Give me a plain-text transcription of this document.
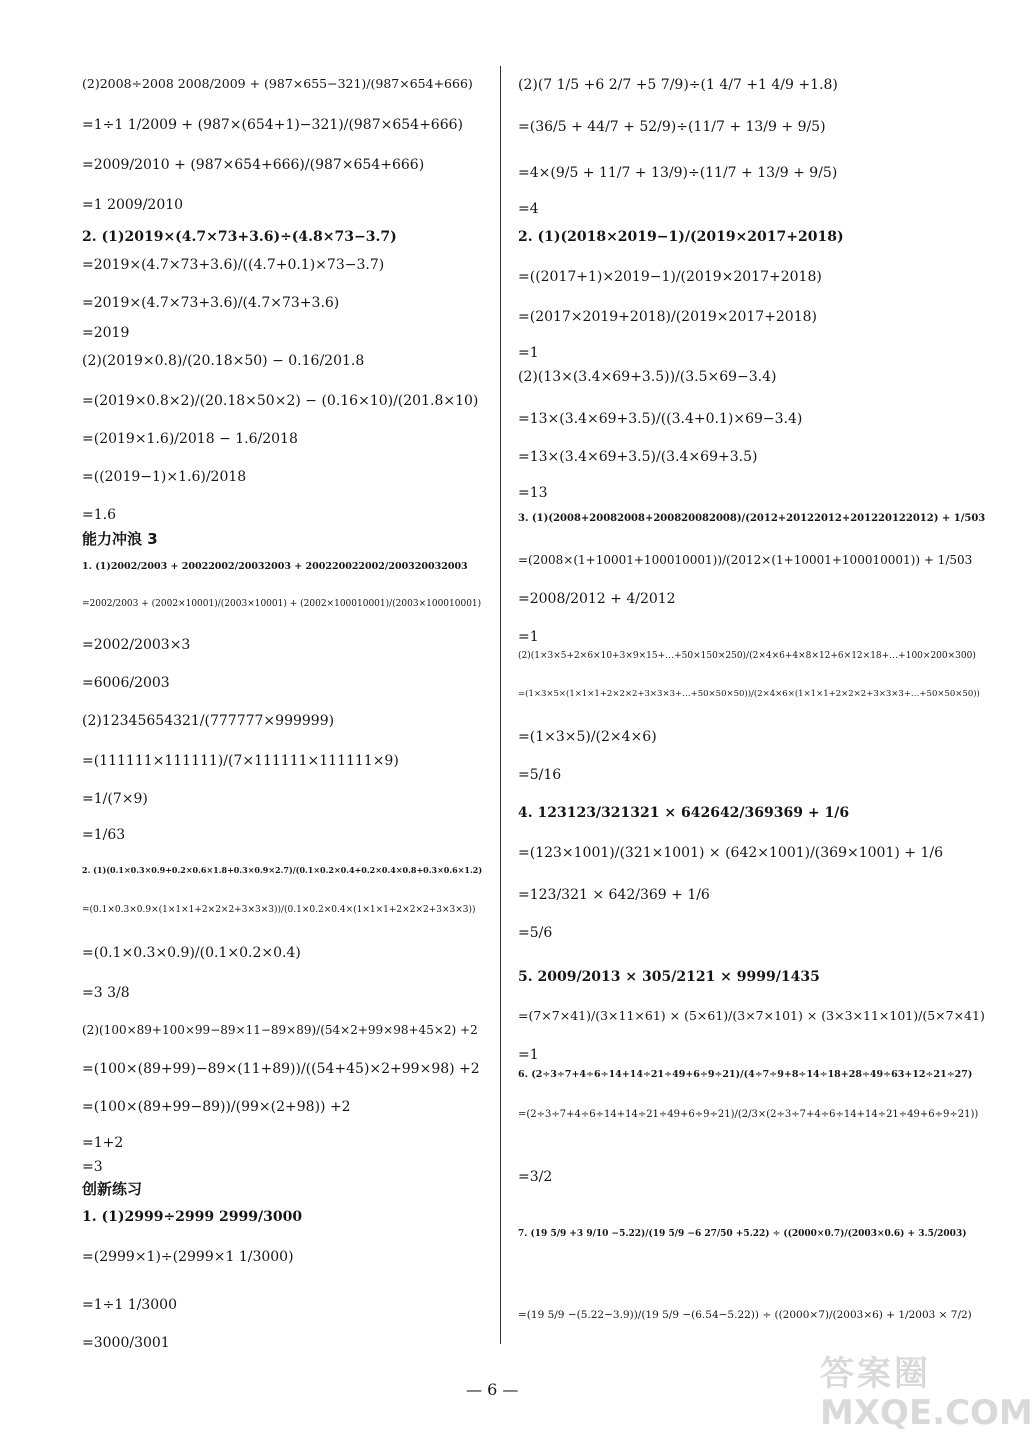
(2)2008÷2008 2008/2009 + (987×655−321)/(987×654+666)
=1÷1 1/2009 + (987×(654+1)−321)/(987×654+666)
=2009/2010 + (987×654+666)/(987×654+666)
=1 2009/2010
2. (1)2019×(4.7×73+3.6)÷(4.8×73−3.7)
=2019×(4.7×73+3.6)/((4.7+0.1)×73−3.7)
=2019×(4.7×73+3.6)/(4.7×73+3.6)
=2019
(2)(2019×0.8)/(20.18×50) − 0.16/201.8
=(2019×0.8×2)/(20.18×50×2) − (0.16×10)/(201.8×10)
=(2019×1.6)/2018 − 1.6/2018
=((2019−1)×1.6)/2018
=1.6
能力冲浪 3
1. (1)2002/2003 + 20022002/20032003 + 200220022002/200320032003
=2002/2003 + (2002×10001)/(2003×10001) + (2002×100010001)/(2003×100010001)
=2002/2003×3
=6006/2003
(2)12345654321/(777777×999999)
=(111111×111111)/(7×111111×111111×9)
=1/(7×9)
=1/63
2. (1)(0.1×0.3×0.9+0.2×0.6×1.8+0.3×0.9×2.7)/(0.1×0.2×0.4+0.2×0.4×0.8+0.3×0.6×1.2)
=(0.1×0.3×0.9×(1×1×1+2×2×2+3×3×3))/(0.1×0.2×0.4×(1×1×1+2×2×2+3×3×3))
=(0.1×0.3×0.9)/(0.1×0.2×0.4)
=3 3/8
(2)(100×89+100×99−89×11−89×89)/(54×2+99×98+45×2) +2
=(100×(89+99)−89×(11+89))/((54+45)×2+99×98) +2
=(100×(89+99−89))/(99×(2+98)) +2
=1+2
=3
创新练习
1. (1)2999÷2999 2999/3000
=(2999×1)÷(2999×1 1/3000)
=1÷1 1/3000
=3000/3001
(2)(7 1/5 +6 2/7 +5 7/9)÷(1 4/7 +1 4/9 +1.8)
=(36/5 + 44/7 + 52/9)÷(11/7 + 13/9 + 9/5)
=4×(9/5 + 11/7 + 13/9)÷(11/7 + 13/9 + 9/5)
=4
2. (1)(2018×2019−1)/(2019×2017+2018)
=((2017+1)×2019−1)/(2019×2017+2018)
=(2017×2019+2018)/(2019×2017+2018)
=1
(2)(13×(3.4×69+3.5))/(3.5×69−3.4)
=13×(3.4×69+3.5)/((3.4+0.1)×69−3.4)
=13×(3.4×69+3.5)/(3.4×69+3.5)
=13
3. (1)(2008+20082008+200820082008)/(2012+20122012+201220122012) + 1/503
=(2008×(1+10001+100010001))/(2012×(1+10001+100010001)) + 1/503
=2008/2012 + 4/2012
=1
(2)(1×3×5+2×6×10+3×9×15+…+50×150×250)/(2×4×6+4×8×12+6×12×18+…+100×200×300)
=(1×3×5×(1×1×1+2×2×2+3×3×3+…+50×50×50))/(2×4×6×(1×1×1+2×2×2+3×3×3+…+50×50×50))
=(1×3×5)/(2×4×6)
=5/16
4. 123123/321321 × 642642/369369 + 1/6
=(123×1001)/(321×1001) × (642×1001)/(369×1001) + 1/6
=123/321 × 642/369 + 1/6
=5/6
5. 2009/2013 × 305/2121 × 9999/1435
=(7×7×41)/(3×11×61) × (5×61)/(3×7×101) × (3×3×11×101)/(5×7×41)
=1
6. (2÷3÷7+4÷6÷14+14÷21÷49+6÷9÷21)/(4÷7÷9+8÷14÷18+28÷49÷63+12÷21÷27)
=(2÷3÷7+4÷6÷14+14÷21÷49+6÷9÷21)/(2/3×(2÷3÷7+4÷6÷14+14÷21÷49+6÷9÷21))
=3/2
7. (19 5/9 +3 9/10 −5.22)/(19 5/9 −6 27/50 +5.22) ÷ ((2000×0.7)/(2003×0.6) + 3.5/2003)
=(19 5/9 −(5.22−3.9))/(19 5/9 −(6.54−5.22)) ÷ ((2000×7)/(2003×6) + 1/2003 × 7/2)
— 6 —	答案圈
MXQE.COM
